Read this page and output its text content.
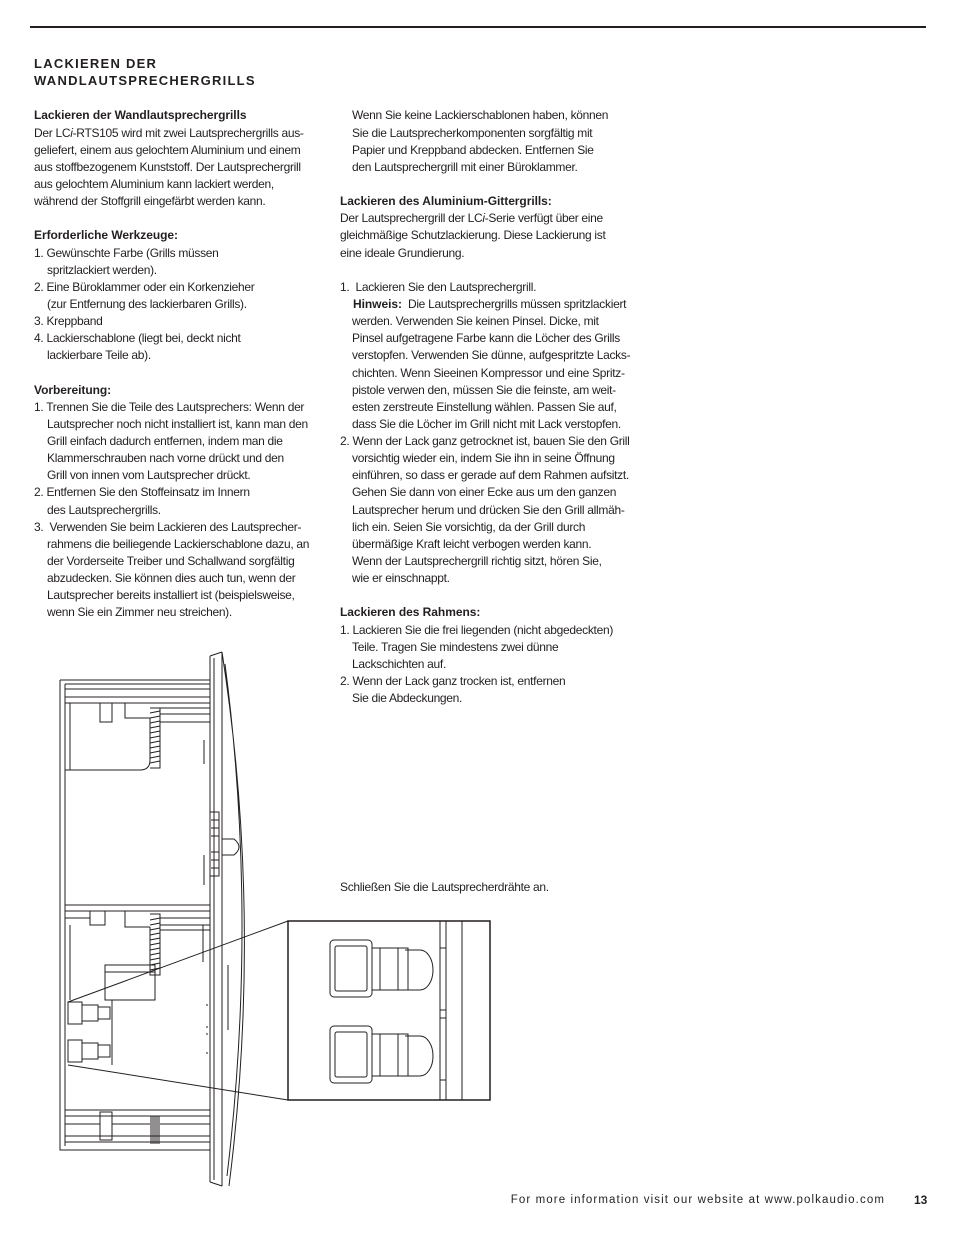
LACKIEREN DER
WANDLAUTSPRECHERGRILLS
Lackieren der Wandlautsprechergrills
Der LCi-RTS105 wird mit zwei Lautsprechergrills aus-
geliefert, einem aus gelochtem Aluminium und einem
aus stoffbezogenem Kunststoff. Der Lautsprechergrill
aus gelochtem Aluminium kann lackiert werden,
während der Stoffgrill eingefärbt werden kann.
Erforderliche Werkzeuge:
1. Gewünschte Farbe (Grills müssen
spritzlackiert werden).
2. Eine Büroklammer oder ein Korkenzieher
(zur Entfernung des lackierbaren Grills).
3. Kreppband
4. Lackierschablone (liegt bei, deckt nicht
lackierbare Teile ab).
Vorbereitung:
1. Trennen Sie die Teile des Lautsprechers: Wenn der
Lautsprecher noch nicht installiert ist, kann man den
Grill einfach dadurch entfernen, indem man die
Klammerschrauben nach vorne drückt und den
Grill von innen vom Lautsprecher drückt.
2. Entfernen Sie den Stoffeinsatz im Innern
des Lautsprechergrills.
3.  Verwenden Sie beim Lackieren des Lautsprecher-
rahmens die beiliegende Lackierschablone dazu, an
der Vorderseite Treiber und Schallwand sorgfältig
abzudecken. Sie können dies auch tun, wenn der
Lautsprecher bereits installiert ist (beispielsweise,
wenn Sie ein Zimmer neu streichen).
Wenn Sie keine Lackierschablonen haben, können
Sie die Lautsprecherkomponenten sorgfältig mit
Papier und Kreppband abdecken. Entfernen Sie
den Lautsprechergrill mit einer Büroklammer.
Lackieren des Aluminium-Gittergrills:
Der Lautsprechergrill der LCi-Serie verfügt über eine
gleichmäßige Schutzlackierung. Diese Lackierung ist
eine ideale Grundierung.
1.  Lackieren Sie den Lautsprechergrill.
Hinweis: Die Lautsprechergrills müssen spritzlackiert
werden. Verwenden Sie keinen Pinsel. Dicke, mit
Pinsel aufgetragene Farbe kann die Löcher des Grills
verstopfen. Verwenden Sie dünne, aufgespritzte Lacks-
chichten. Wenn Sieeinen Kompressor und eine Spritz-
pistole verwen den, müssen Sie die feinste, am weit-
esten zerstreute Einstellung wählen. Passen Sie auf,
dass Sie die Löcher im Grill nicht mit Lack verstopfen.
2. Wenn der Lack ganz getrocknet ist, bauen Sie den Grill
vorsichtig wieder ein, indem Sie ihn in seine Öffnung
einführen, so dass er gerade auf dem Rahmen aufsitzt.
Gehen Sie dann von einer Ecke aus um den ganzen
Lautsprecher herum und drücken Sie den Grill allmäh-
lich ein. Seien Sie vorsichtig, da der Grill durch
übermäßige Kraft leicht verbogen werden kann.
Wenn der Lautsprechergrill richtig sitzt, hören Sie,
wie er einschnappt.
Lackieren des Rahmens:
1. Lackieren Sie die frei liegenden (nicht abgedeckten)
Teile. Tragen Sie mindestens zwei dünne
Lackschichten auf.
2. Wenn der Lack ganz trocken ist, entfernen
Sie die Abdeckungen.
Schließen Sie die Lautsprecherdrähte an.
For more information visit our website at www.polkaudio.com 13
